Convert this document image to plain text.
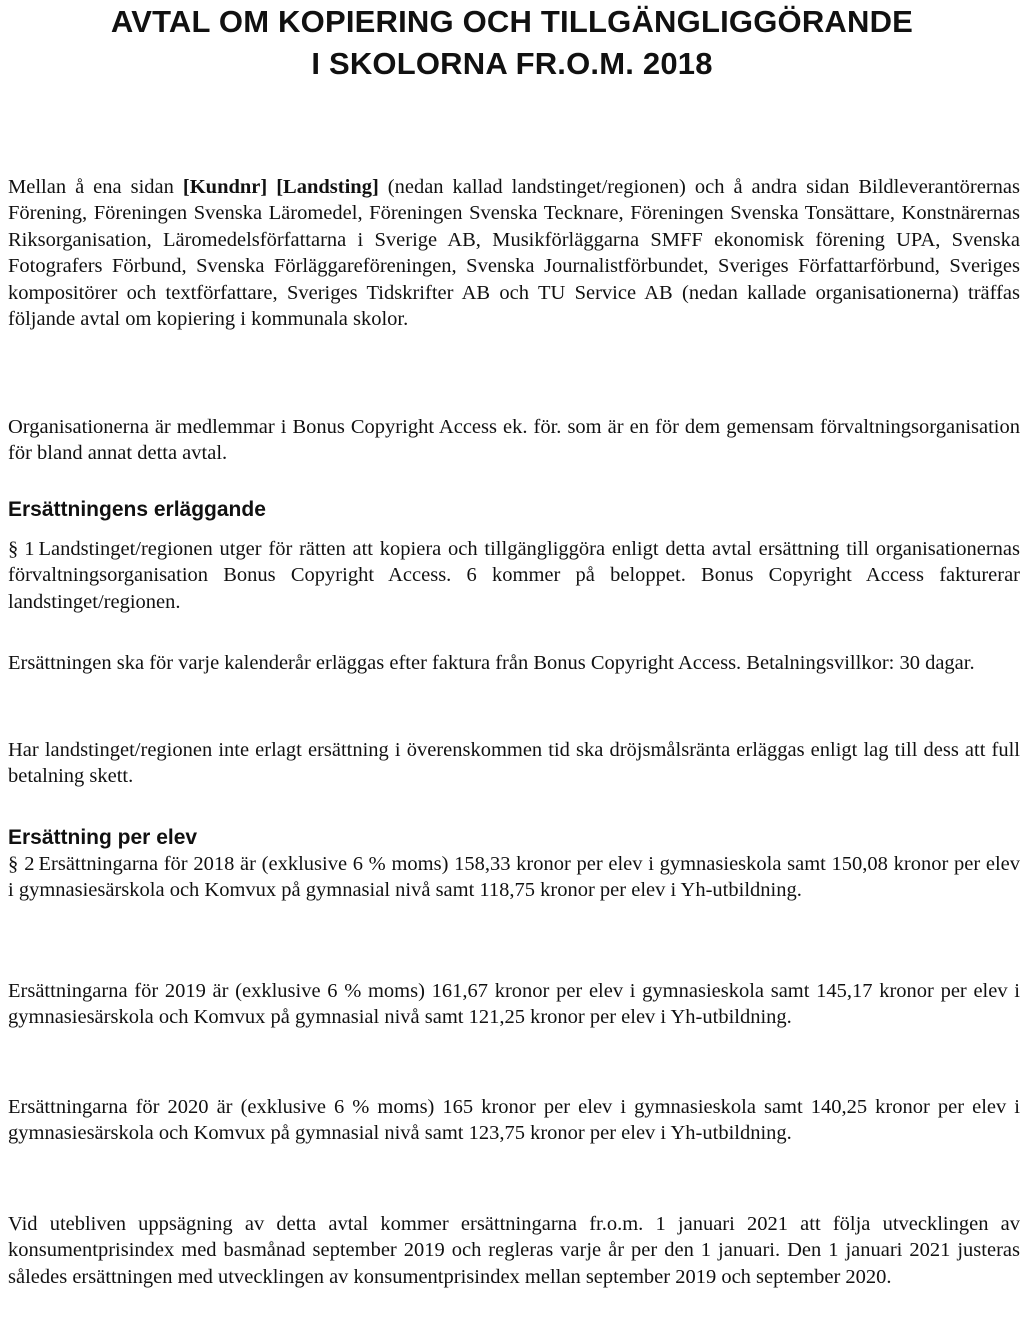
AVTAL OM KOPIERING OCH TILLGÄNGLIGGÖRANDE
I SKOLORNA FR.O.M. 2018

Mellan å ena sidan [Kundnr] [Landsting] (nedan kallad landstinget/regionen) och å andra sidan Bildleverantörernas Förening, Föreningen Svenska Läromedel, Föreningen Svenska Tecknare, Föreningen Svenska Tonsättare, Konstnärernas Riksorganisation, Läromedelsförfattarna i Sverige AB, Musikförläggarna SMFF ekonomisk förening UPA, Svenska Fotografers Förbund, Svenska Förläggareföreningen, Svenska Journalistförbundet, Sveriges Författarförbund, Sveriges kompositörer och textförfattare, Sveriges Tidskrifter AB och TU Service AB (nedan kallade organisationerna) träffas följande avtal om kopiering i kommunala skolor.

Organisationerna är medlemmar i Bonus Copyright Access ek. för. som är en för dem gemensam förvaltningsorganisation för bland annat detta avtal.

Ersättningens erläggande

§ 1 Landstinget/regionen utger för rätten att kopiera och tillgängliggöra enligt detta avtal ersättning till organisationernas förvaltningsorganisation Bonus Copyright Access. 6 kommer på beloppet. Bonus Copyright Access fakturerar landstinget/regionen.

Ersättningen ska för varje kalenderår erläggas efter faktura från Bonus Copyright Access. Betalningsvillkor: 30 dagar.

Har landstinget/regionen inte erlagt ersättning i överenskommen tid ska dröjsmålsränta erläggas enligt lag till dess att full betalning skett.

Ersättning per elev

§ 2 Ersättningarna för 2018 är (exklusive 6 % moms) 158,33 kronor per elev i gymnasieskola samt 150,08 kronor per elev i gymnasiesärskola och Komvux på gymnasial nivå samt 118,75 kronor per elev i Yh-utbildning.

Ersättningarna för 2019 är (exklusive 6 % moms) 161,67 kronor per elev i gymnasieskola samt 145,17 kronor per elev i gymnasiesärskola och Komvux på gymnasial nivå samt 121,25 kronor per elev i Yh-utbildning.

Ersättningarna för 2020 är (exklusive 6 % moms) 165 kronor per elev i gymnasieskola samt 140,25 kronor per elev i gymnasiesärskola och Komvux på gymnasial nivå samt 123,75 kronor per elev i Yh-utbildning.

Vid utebliven uppsägning av detta avtal kommer ersättningarna fr.o.m. 1 januari 2021 att följa utvecklingen av konsumentprisindex med basmånad september 2019 och regleras varje år per den 1 januari. Den 1 januari 2021 justeras således ersättningen med utvecklingen av konsumentprisindex mellan september 2019 och september 2020.
